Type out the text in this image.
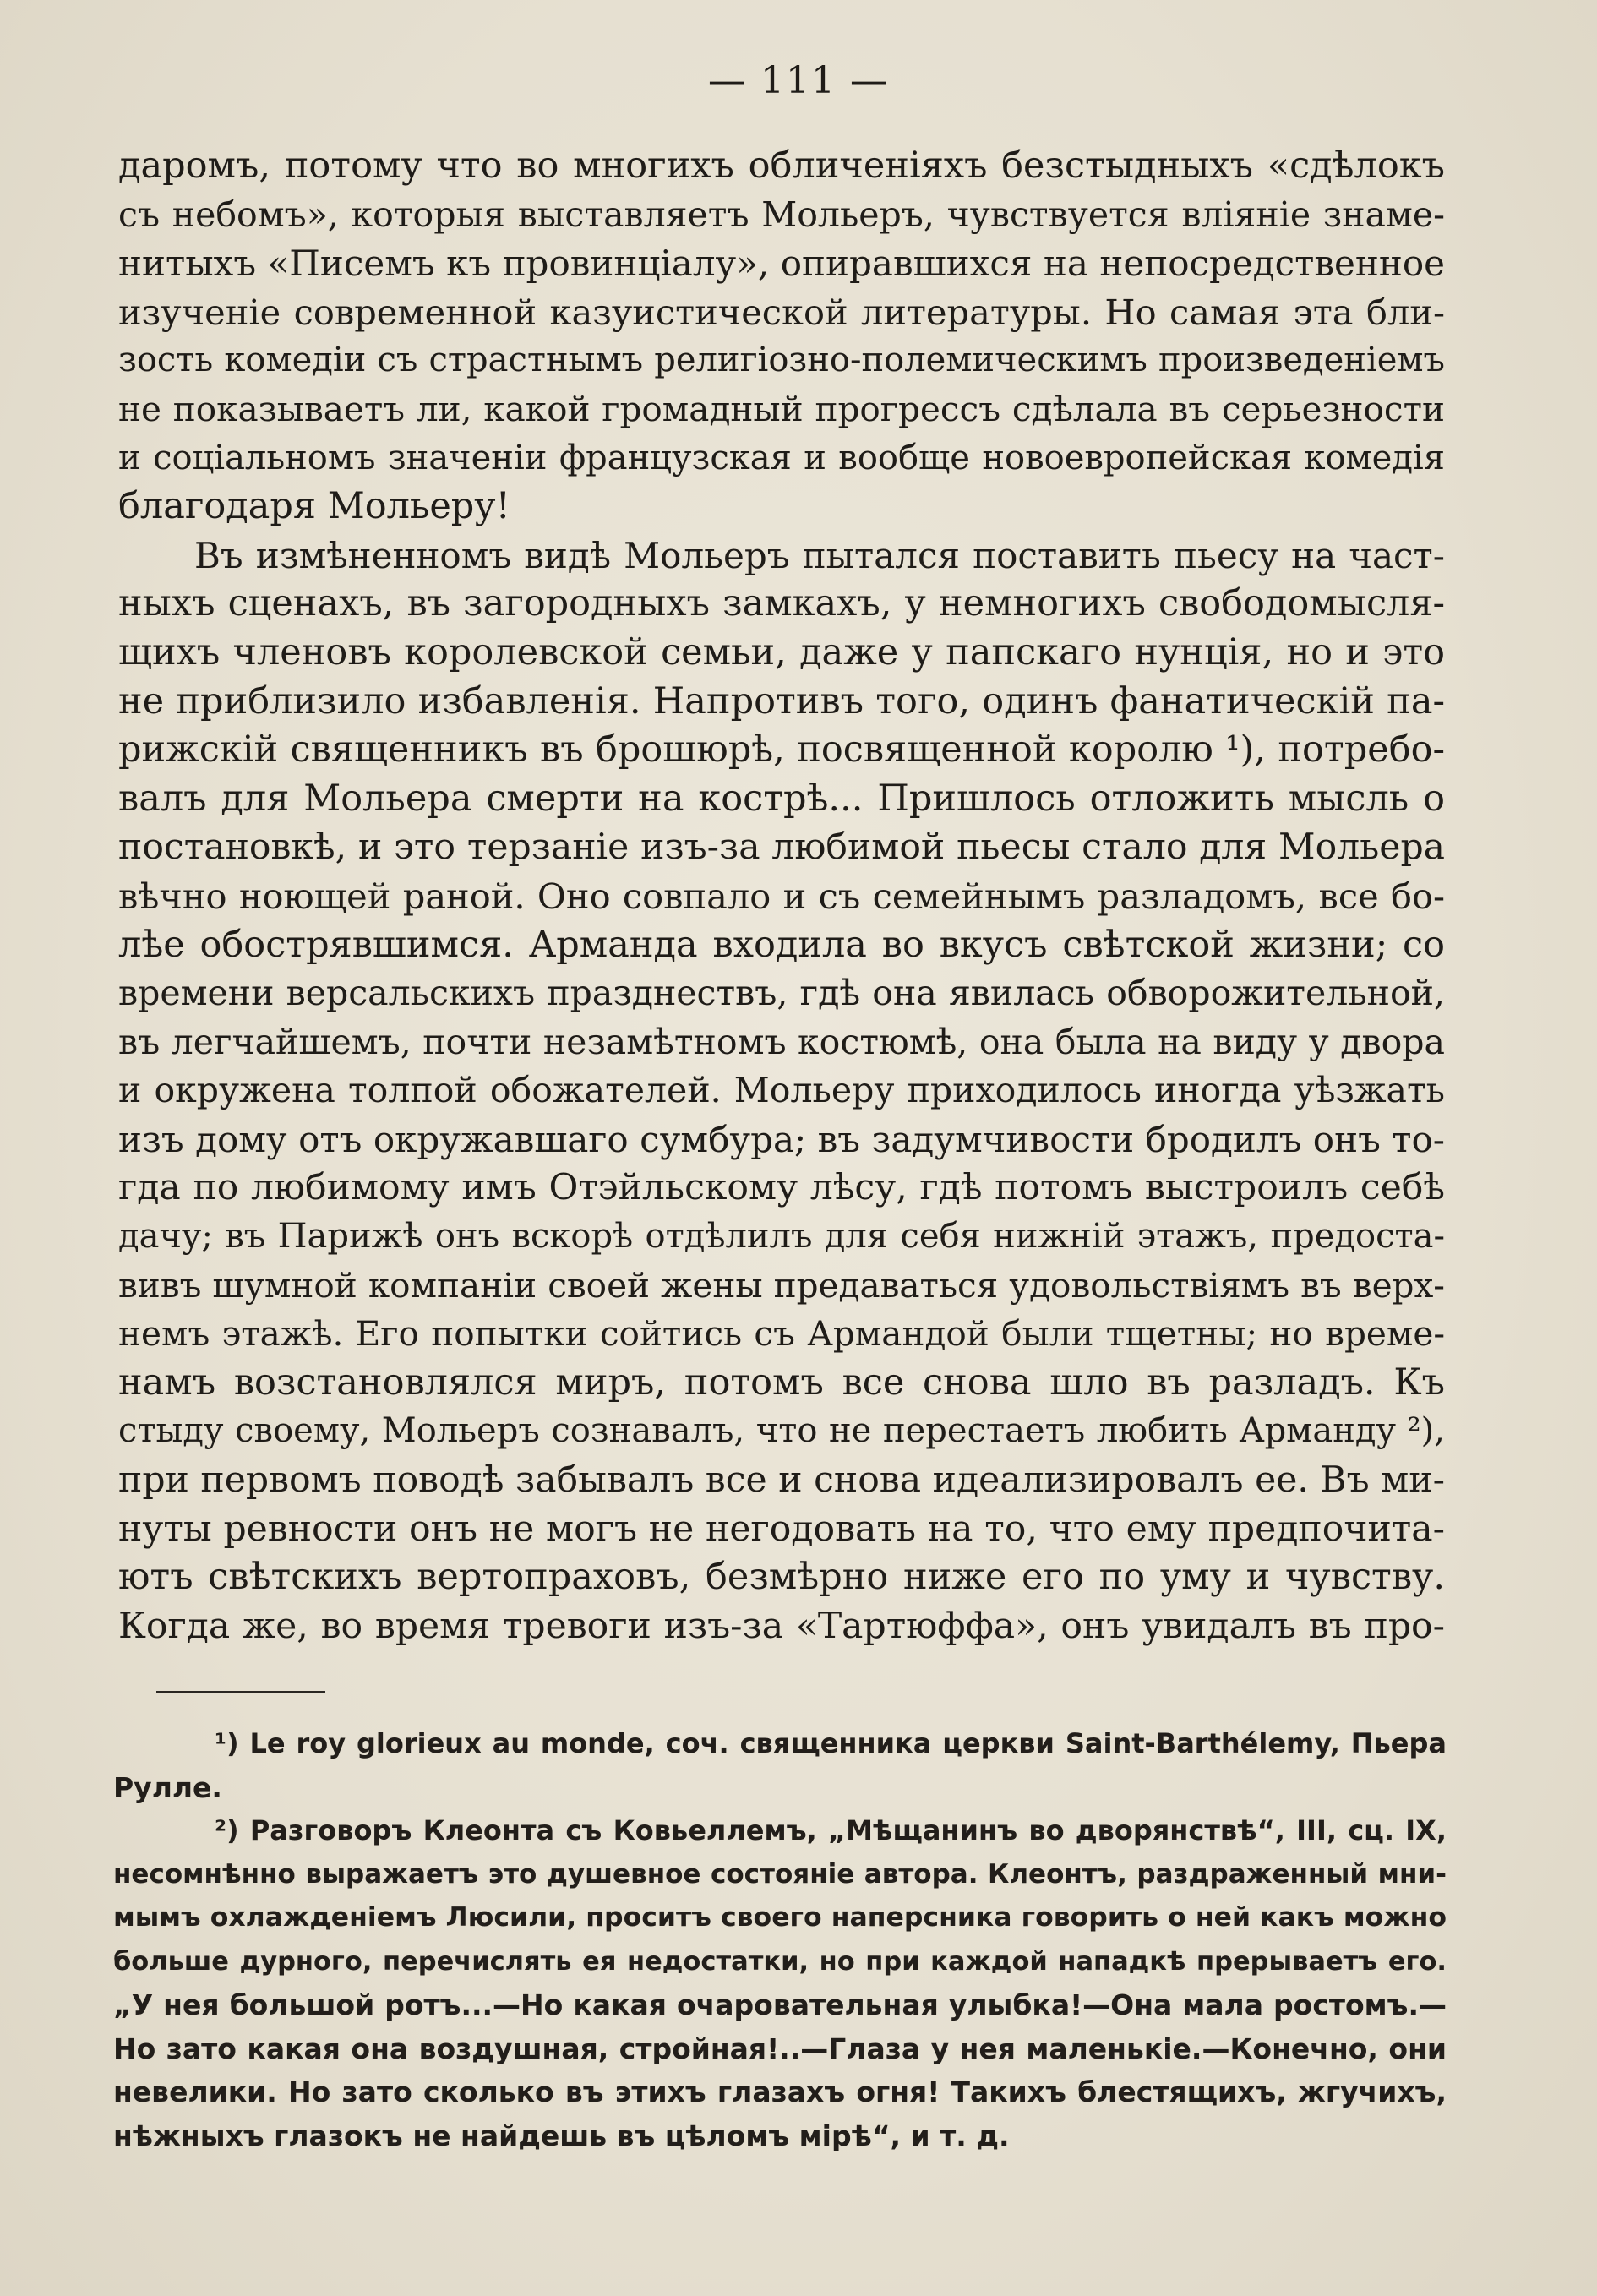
— 111 —
даромъ, потому что во многихъ обличеніяхъ безстыдныхъ «сдѣлокъ
съ небомъ», которыя выставляетъ Мольеръ, чувствуется вліяніе знаме-
нитыхъ «Писемъ къ провинціалу», опиравшихся на непосредственное
изученіе современной казуистической литературы. Но самая эта бли-
зость комедіи съ страстнымъ религіозно-полемическимъ произведеніемъ
не показываетъ ли, какой громадный прогрессъ сдѣлала въ серьезности
и соціальномъ значеніи французская и вообще новоевропейская комедія
благодаря Мольеру!
Въ измѣненномъ видѣ Мольеръ пытался поставить пьесу на част-
ныхъ сценахъ, въ загородныхъ замкахъ, у немногихъ свободомысля-
щихъ членовъ королевской семьи, даже у папскаго нунція, но и это
не приблизило избавленія. Напротивъ того, одинъ фанатическій па-
рижскій священникъ въ брошюрѣ, посвященной королю ¹), потребо-
валъ для Мольера смерти на кострѣ... Пришлось отложить мысль о
постановкѣ, и это терзаніе изъ-за любимой пьесы стало для Мольера
вѣчно ноющей раной. Оно совпало и съ семейнымъ разладомъ, все бо-
лѣе обострявшимся. Арманда входила во вкусъ свѣтской жизни; со
времени версальскихъ празднествъ, гдѣ она явилась обворожительной,
въ легчайшемъ, почти незамѣтномъ костюмѣ, она была на виду у двора
и окружена толпой обожателей. Мольеру приходилось иногда уѣзжать
изъ дому отъ окружавшаго сумбура; въ задумчивости бродилъ онъ то-
гда по любимому имъ Отэйльскому лѣсу, гдѣ потомъ выстроилъ себѣ
дачу; въ Парижѣ онъ вскорѣ отдѣлилъ для себя нижній этажъ, предоста-
вивъ шумной компаніи своей жены предаваться удовольствіямъ въ верх-
немъ этажѣ. Его попытки сойтись съ Армандой были тщетны; но време-
намъ возстановлялся миръ, потомъ все снова шло въ разладъ. Къ
стыду своему, Мольеръ сознавалъ, что не перестаетъ любить Арманду ²),
при первомъ поводѣ забывалъ все и снова идеализировалъ ее. Въ ми-
нуты ревности онъ не могъ не негодовать на то, что ему предпочита-
ютъ свѣтскихъ вертопраховъ, безмѣрно ниже его по уму и чувству.
Когда же, во время тревоги изъ-за «Тартюффа», онъ увидалъ въ про-
¹) Le roy glorieux au monde, соч. священника церкви Saint-Barthélemy, Пьера
Рулле.
²) Разговоръ Клеонта съ Ковьеллемъ, „Мѣщанинъ во дворянствѣ“, III, сц. IX,
несомнѣнно выражаетъ это душевное состояніе автора. Клеонтъ, раздраженный мни-
мымъ охлажденіемъ Люсили, проситъ своего наперсника говорить о ней какъ можно
больше дурного, перечислять ея недостатки, но при каждой нападкѣ прерываетъ его.
„У нея большой ротъ...—Но какая очаровательная улыбка!—Она мала ростомъ.—
Но зато какая она воздушная, стройная!..—Глаза у нея маленькіе.—Конечно, они
невелики. Но зато сколько въ этихъ глазахъ огня! Такихъ блестящихъ, жгучихъ,
нѣжныхъ глазокъ не найдешь въ цѣломъ мірѣ“, и т. д.
